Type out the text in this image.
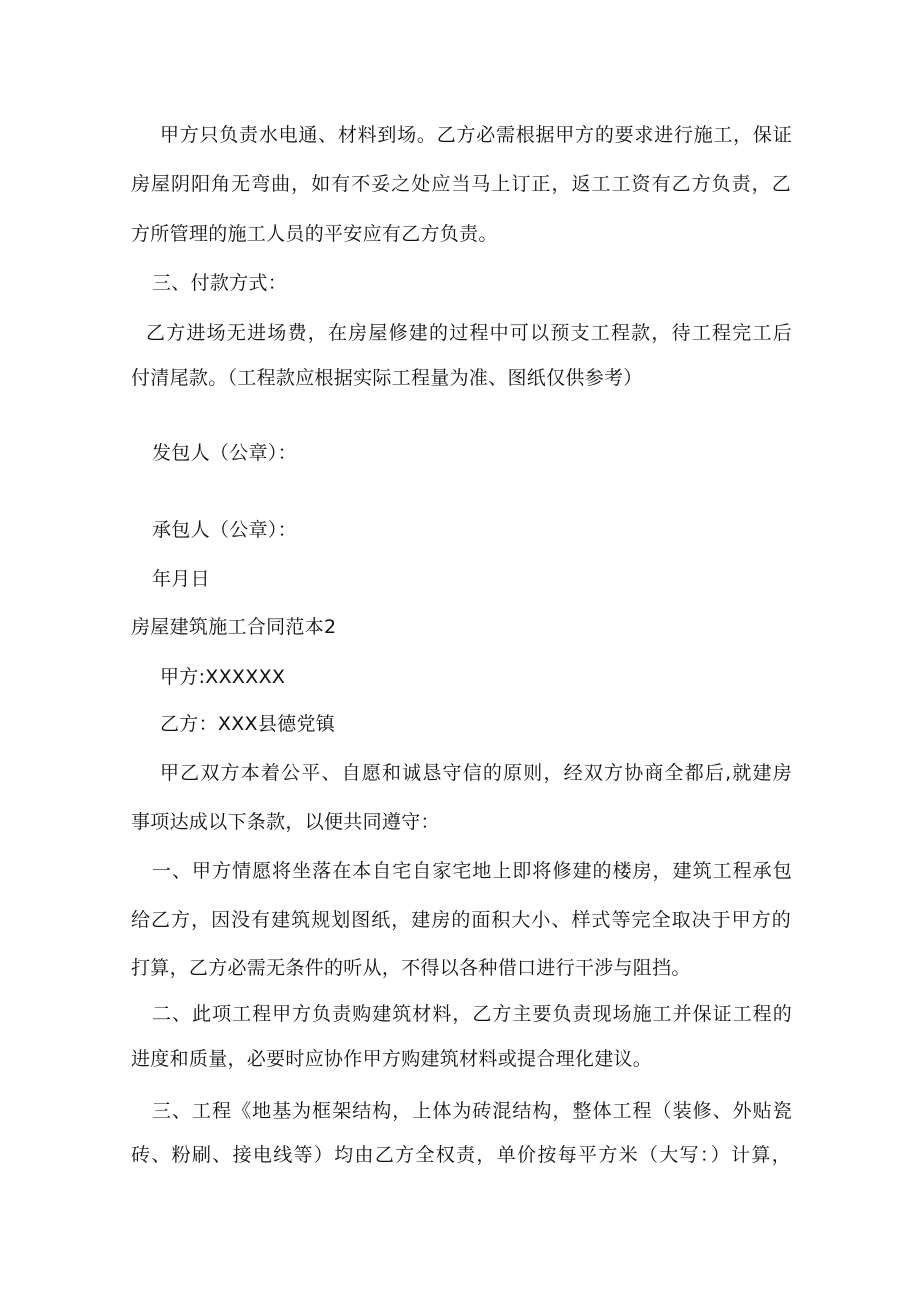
甲方只负责水电通、材料到场。乙方必需根据甲方的要求进行施工，保证
房屋阴阳角无弯曲，如有不妥之处应当马上订正，返工工资有乙方负责，乙
方所管理的施工人员的平安应有乙方负责。
三、付款方式：
乙方进场无进场费，在房屋修建的过程中可以预支工程款，待工程完工后
付清尾款。（工程款应根据实际工程量为准、图纸仅供参考）
发包人（公章）：
承包人（公章）：
年月日
房屋建筑施工合同范本2
甲方:XXXXXX
乙方：XXX县德党镇
甲乙双方本着公平、自愿和诚恳守信的原则，经双方协商全都后,就建房
事项达成以下条款，以便共同遵守：
一、甲方情愿将坐落在本自宅自家宅地上即将修建的楼房，建筑工程承包
给乙方，因没有建筑规划图纸，建房的面积大小、样式等完全取决于甲方的
打算，乙方必需无条件的听从，不得以各种借口进行干涉与阻挡。
二、此项工程甲方负责购建筑材料，乙方主要负责现场施工并保证工程的
进度和质量，必要时应协作甲方购建筑材料或提合理化建议。
三、工程《地基为框架结构，上体为砖混结构，整体工程（装修、外贴瓷
砖、粉刷、接电线等）均由乙方全权责，单价按每平方米（大写：）计算，
